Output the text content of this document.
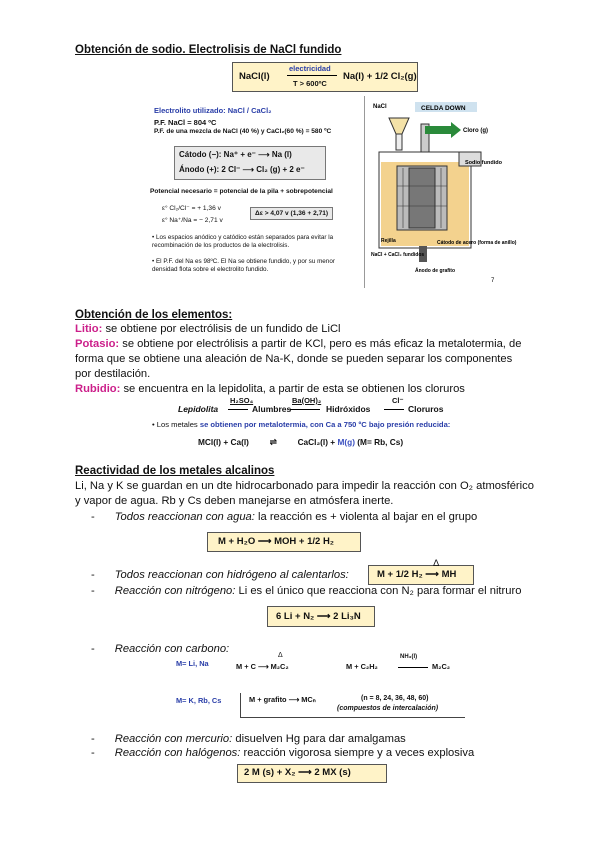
Obtención de sodio. Electrolisis de NaCl fundido
NaCl(l)
electricidad
T > 600ºC
Na(l) + 1/2 Cl₂(g)
Electrolito utilizado: NaCl / CaCl₂
P.F. NaCl = 804 ºC
P.F. de una mezcla de NaCl (40 %) y CaCl₂(60 %) = 580 ºC
Cátodo (−): Na⁺ + e⁻ ⟶ Na (l)
Ánodo (+): 2 Cl⁻ ⟶ Cl₂ (g) + 2 e⁻
Potencial necesario = potencial de la pila + sobrepotencial
ε° Cl₂/Cl⁻ = + 1,36 v
ε° Na⁺/Na = − 2,71 v
Δε > 4,07 v (1,36 + 2,71)
• Los espacios anódico y catódico están separados para evitar la recombinación de los productos de la electrolisis.
• El P.F. del Na es 98ºC. El Na se obtiene fundido, y por su menor densidad flota sobre el electrolito fundido.
CELDA DOWN
NaCl
Cloro (g)
Sodio fundido
Rejilla
NaCl + CaCl₂ fundidos
Cátodo de acero (forma de anillo)
Ánodo de grafito
7
Obtención de los elementos:
Litio: se obtiene por electrólisis de un fundido de LiCl
Potasio: se obtiene por electrólisis a partir de KCl, pero es más eficaz la metalotermia, de forma que se obtiene una aleación de Na-K, donde se pueden separar los componentes por destilación.
Rubidio: se encuentra en la lepidolita, a partir de esta se obtienen los cloruros
Lepidolita
H₂SO₄
Alumbres
Ba(OH)₂
Hidróxidos
Cl⁻
Cloruros
• Los metales se obtienen por metalotermia, con Ca a 750 ºC bajo presión reducida:
MCl(l) + Ca(l)	⇌	CaCl₂(l) + M(g) (M= Rb, Cs)
Reactividad de los metales alcalinos
Li, Na y K se guardan en un dte hidrocarbonado para impedir la reacción con O₂ atmosférico
y vapor de agua. Rb y Cs deben manejarse en atmósfera inerte.
- Todos reaccionan con agua: la reacción es + violenta al bajar en el grupo
M + H₂O ⟶ MOH + 1/2 H₂
- Todos reaccionan con hidrógeno al calentarlos:	M + 1/2 H₂ ⟶ MH
Δ
- Reacción con nitrógeno: Li es el único que reacciona con N₂ para formar el nitruro
6 Li + N₂ ⟶ 2 Li₃N
- Reacción con carbono:
M= Li, Na	M + C ⟶ M₂C₂
Δ
M + C₂H₂
NH₃(l)
M₂C₂
M= K, Rb, Cs	M + grafito ⟶ MCₙ	(n = 8, 24, 36, 48, 60)
(compuestos de intercalación)
- Reacción con mercurio: disuelven Hg para dar amalgamas
- Reacción con halógenos: reacción vigorosa siempre y a veces explosiva
2 M (s) + X₂ ⟶ 2 MX (s)
